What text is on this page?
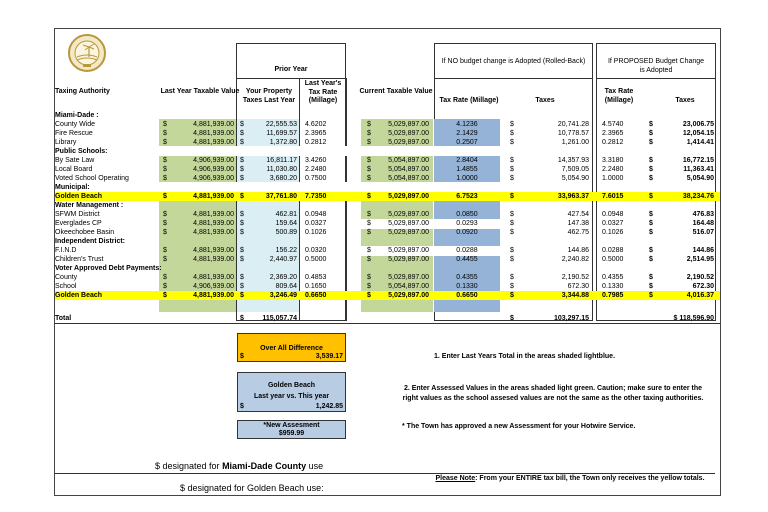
Prior Year
If NO budget change is Adopted (Rolled-Back)	If PROPOSED Budget Change is Adopted
Taxing Authority	Last Year Taxable Value Your Property Taxes Last Year
Last Year's Tax Rate (Millage)
Current Taxable Value
Tax Rate (Millage)	Taxes
Tax Rate (Millage)	Taxes
Miami-Dade :
County Wide	$	4,881,939.00 $	22,555.53 4.6202	$	5,029,897.00	4.1236	$	20,741.28 4.5740	$	23,006.75
Fire Rescue	$	4,881,939.00 $	11,699.57 2.3965	$	5,029,897.00	2.1429	$	10,778.57 2.3965	$	12,054.15
Library	$	4,881,939.00 $	1,372.80 0.2812	$	5,029,897.00	0.2507	$	1,261.00 0.2812	$	1,414.41
Public Schools:
By Sate Law	$	4,906,939.00 $	16,811.17 3.4260	$	5,054,897.00	2.8404	$	14,357.93 3.3180	$	16,772.15
Local Board	$	4,906,939.00 $	11,030.80 2.2480	$	5,054,897.00	1.4855	$	7,509.05 2.2480	$	11,363.41
Voted School Operating	$	4,906,939.00 $	3,680.20 0.7500	$	5,054,897.00	1.0000	$	5,054.90 1.0000	$	5,054.90
Municipal:
Golden Beach	$	4,881,939.00 $	37,761.80 7.7350	$	5,029,897.00	6.7523	$	33,963.37 7.6015	$	38,234.76
Water Management :
SFWM District	$	4,881,939.00 $	462.81 0.0948	$	5,029,897.00	0.0850	$	427.54 0.0948	$	476.83
Everglades CP	$	4,881,939.00 $	159.64 0.0327	$	5,029,897.00	0.0293	$	147.38 0.0327	$	164.48
Okeechobee Basin	$	4,881,939.00 $	500.89 0.1026	$	5,029,897.00	0.0920	$	462.75 0.1026	$	516.07
Independent District:
F.I.N.D	$	4,881,939.00 $	156.22 0.0320	$	5,029,897.00	0.0288	$	144.86 0.0288	$	144.86
Children's Trust	$	4,881,939.00 $	2,440.97 0.5000	$	5,029,897.00	0.4455	$	2,240.82 0.5000	$	2,514.95
Voter Approved Debt Payments:
County	$	4,881,939.00 $	2,369.20 0.4853	$	5,029,897.00	0.4355	$	2,190.52 0.4355	$	2,190.52
School	$	4,906,939.00 $	809.64 0.1650	$	5,054,897.00	0.1330	$	672.30 0.1330	$	672.30
Golden Beach	$	4,881,939.00 $	3,246.49 0.6650	$	5,029,897.00	0.6650	$	3,344.88 0.7985	$	4,016.37
Total	$	115,057.74	$	103,297.15	$ 118,596.90
Over All Difference
$	3,539.17
Golden Beach
Last year vs. This year
$	1,242.85
*New Assesment
$959.99
1. Enter Last Years Total in the areas shaded lightblue.
2. Enter Assessed Values in the areas shaded light green. Caution; make sure to enter the right values as the school assesed values are not the same as the other taxing authorities.
* The Town has approved a new Assessment for your Hotwire Service.
$ designated for Miami-Dade County use
$ designated for Golden Beach use:
Please Note: From your ENTIRE tax bill, the Town only receives the yellow totals.
